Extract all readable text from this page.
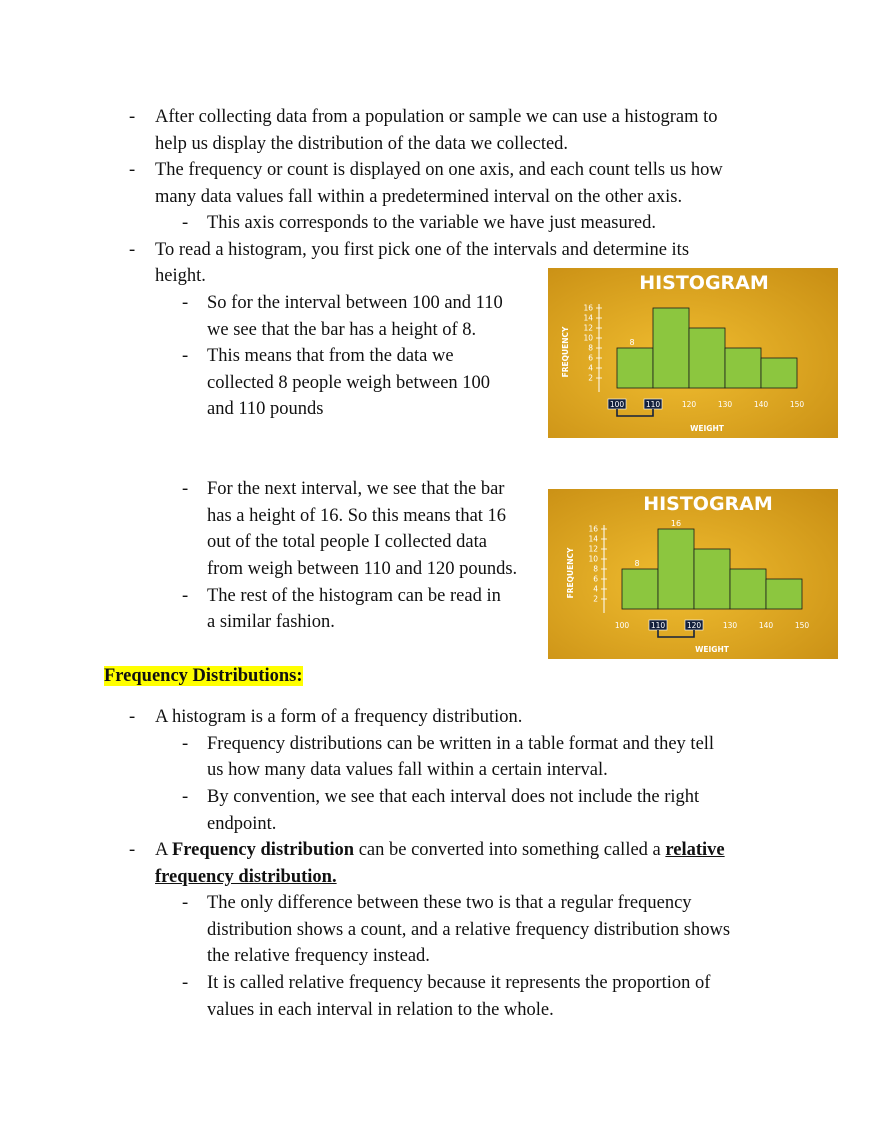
- After collecting data from a population or sample we can use a histogram to
help us display the distribution of the data we collected.
- The frequency or count is displayed on one axis, and each count tells us how
many data values fall within a predetermined interval on the other axis.
- This axis corresponds to the variable we have just measured.
- To read a histogram, you first pick one of the intervals and determine its
height.
- So for the interval between 100 and 110
we see that the bar has a height of 8.
- This means that from the data we
collected 8 people weigh between 100
and 110 pounds
- For the next interval, we see that the bar
has a height of 16. So this means that 16
out of the total people I collected data
from weigh between 110 and 120 pounds.
- The rest of the histogram can be read in
a similar fashion.
HISTOGRAM
2
4
6
8
10
12
14
16
FREQUENCY	8
100	110	120	130	140	150
WEIGHT
HISTOGRAM
2
4
6
8
10
12
14
16
FREQUENCY	8
16
100	110	120	130	140	150
WEIGHT
Frequency Distributions:
- A histogram is a form of a frequency distribution.
- Frequency distributions can be written in a table format and they tell
us how many data values fall within a certain interval.
- By convention, we see that each interval does not include the right
endpoint.
- A Frequency distribution can be converted into something called a relative
frequency distribution.
- The only difference between these two is that a regular frequency
distribution shows a count, and a relative frequency distribution shows
the relative frequency instead.
- It is called relative frequency because it represents the proportion of
values in each interval in relation to the whole.
